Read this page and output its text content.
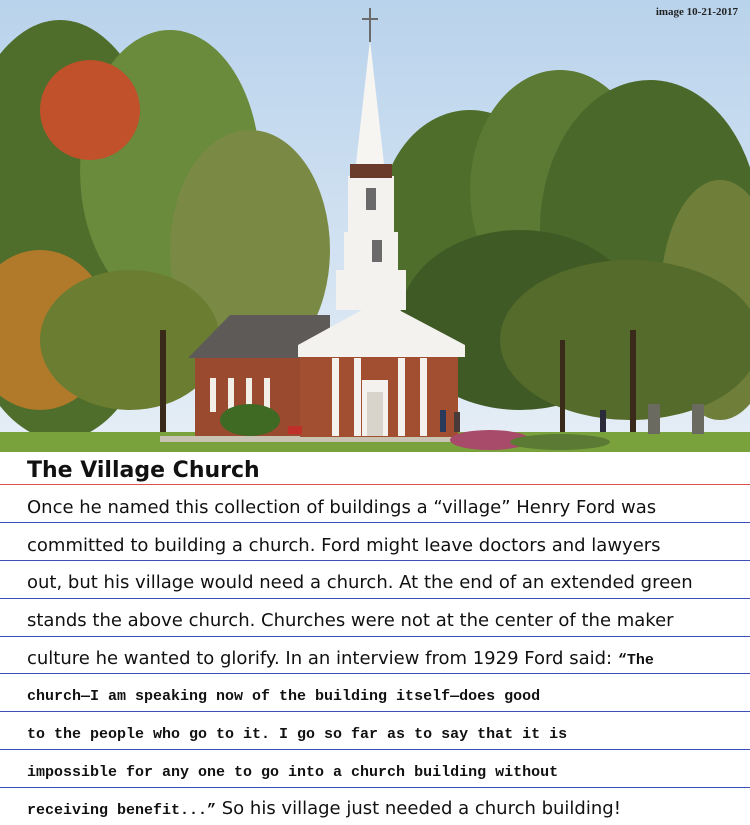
image 10-21-2017
The Village Church
Once he named this collection of buildings a “village” Henry Ford was
committed to building a church. Ford might leave doctors and lawyers
out, but his village would need a church. At the end of an extended green
stands the above church. Churches were not at the center of the maker
culture he wanted to glorify. In an interview from 1929 Ford said: “The
church—I am speaking now of the building itself—does good
to the people who go to it. I go so far as to say that it is
impossible for any one to go into a church building without
receiving benefit...” So his village just needed a church building!
